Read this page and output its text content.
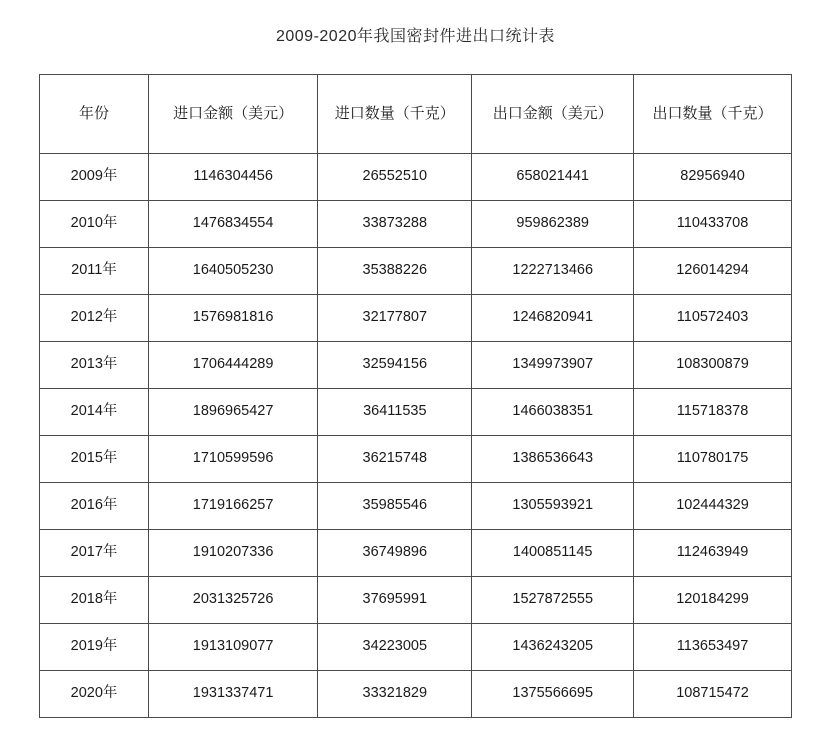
2009-2020年我国密封件进出口统计表
年份	进口金额（美元）	进口数量（千克）	出口金额（美元）	出口数量（千克）
2009年	1146304456	26552510	658021441	82956940
2010年	1476834554	33873288	959862389	110433708
2011年	1640505230	35388226	1222713466	126014294
2012年	1576981816	32177807	1246820941	110572403
2013年	1706444289	32594156	1349973907	108300879
2014年	1896965427	36411535	1466038351	115718378
2015年	1710599596	36215748	1386536643	110780175
2016年	1719166257	35985546	1305593921	102444329
2017年	1910207336	36749896	1400851145	112463949
2018年	2031325726	37695991	1527872555	120184299
2019年	1913109077	34223005	1436243205	113653497
2020年	1931337471	33321829	1375566695	108715472
